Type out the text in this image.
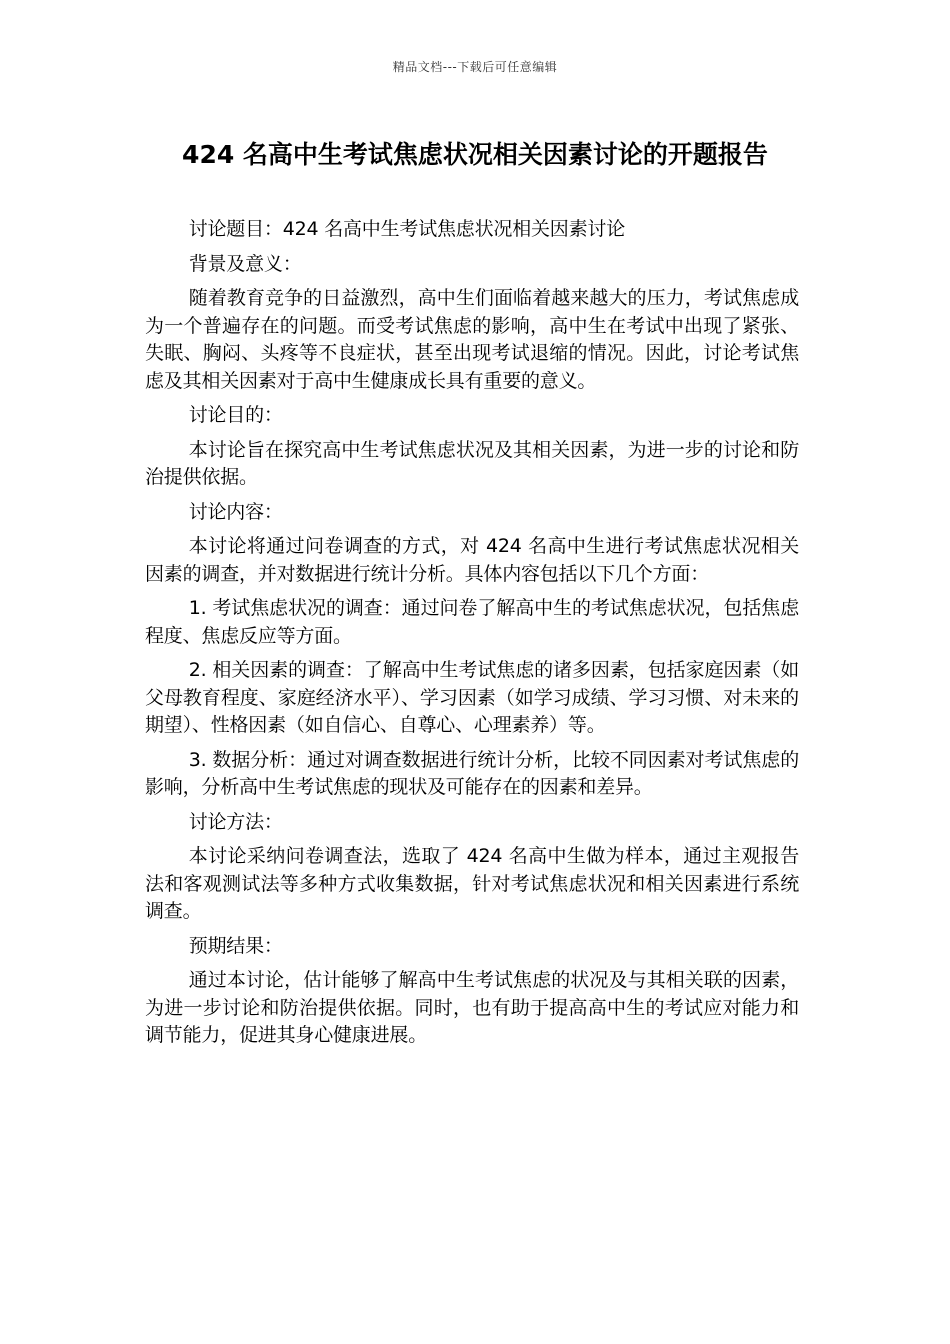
精品文档---下载后可任意编辑
424 名高中生考试焦虑状况相关因素讨论的开题报告

讨论题目：424 名高中生考试焦虑状况相关因素讨论

背景及意义：

随着教育竞争的日益激烈，高中生们面临着越来越大的压力，考试焦虑成为一个普遍存在的问题。而受考试焦虑的影响，高中生在考试中出现了紧张、失眠、胸闷、头疼等不良症状，甚至出现考试退缩的情况。因此，讨论考试焦虑及其相关因素对于高中生健康成长具有重要的意义。

讨论目的：

本讨论旨在探究高中生考试焦虑状况及其相关因素，为进一步的讨论和防治提供依据。

讨论内容：

本讨论将通过问卷调查的方式，对 424 名高中生进行考试焦虑状况相关因素的调查，并对数据进行统计分析。具体内容包括以下几个方面：

1. 考试焦虑状况的调查：通过问卷了解高中生的考试焦虑状况，包括焦虑程度、焦虑反应等方面。

2. 相关因素的调查：了解高中生考试焦虑的诸多因素，包括家庭因素（如父母教育程度、家庭经济水平）、学习因素（如学习成绩、学习习惯、对未来的期望）、性格因素（如自信心、自尊心、心理素养）等。

3. 数据分析：通过对调查数据进行统计分析，比较不同因素对考试焦虑的影响，分析高中生考试焦虑的现状及可能存在的因素和差异。

讨论方法：

本讨论采纳问卷调查法，选取了 424 名高中生做为样本，通过主观报告法和客观测试法等多种方式收集数据，针对考试焦虑状况和相关因素进行系统调查。

预期结果：

通过本讨论，估计能够了解高中生考试焦虑的状况及与其相关联的因素，为进一步讨论和防治提供依据。同时，也有助于提高高中生的考试应对能力和调节能力，促进其身心健康进展。
